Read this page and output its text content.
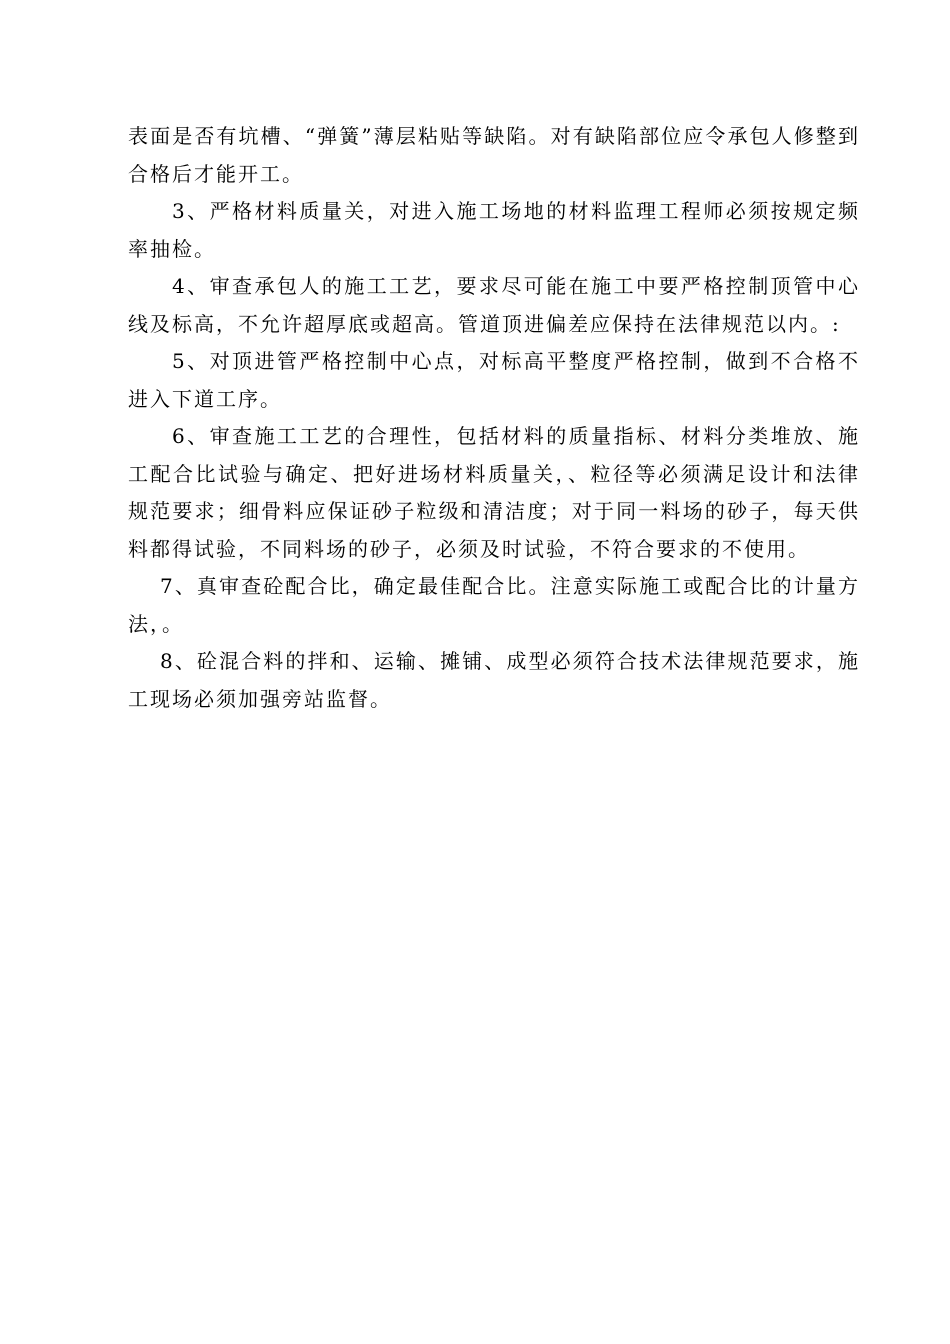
表面是否有坑槽、“弹簧”薄层粘贴等缺陷。对有缺陷部位应令承包人修整到合格后才能开工。

3、严格材料质量关，对进入施工场地的材料监理工程师必须按规定频率抽检。

4、审查承包人的施工工艺，要求尽可能在施工中要严格控制顶管中心线及标高，不允许超厚底或超高。管道顶进偏差应保持在法律规范以内。:

5、对顶进管严格控制中心点，对标高平整度严格控制，做到不合格不进入下道工序。

6、审查施工工艺的合理性，包括材料的质量指标、材料分类堆放、施工配合比试验与确定、把好进场材料质量关，、粒径等必须满足设计和法律规范要求；细骨料应保证砂子粒级和清洁度；对于同一料场的砂子，每天供料都得试验，不同料场的砂子，必须及时试验，不符合要求的不使用。

7、真审查砼配合比，确定最佳配合比。注意实际施工或配合比的计量方法，。

8、砼混合料的拌和、运输、摊铺、成型必须符合技术法律规范要求，施工现场必须加强旁站监督。
